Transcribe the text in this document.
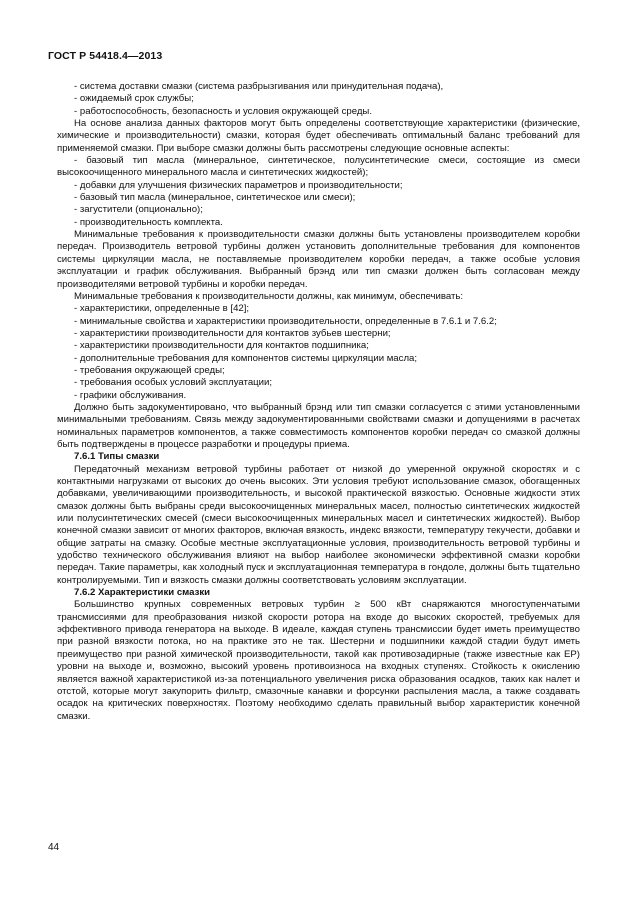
ГОСТ Р 54418.4—2013

- система доставки смазки (система разбрызгивания или принудительная подача),

- ожидаемый срок службы;

- работоспособность, безопасность и условия окружающей среды.

На основе анализа данных факторов могут быть определены соответствующие характеристики (физические, химические и производительности) смазки, которая будет обеспечивать оптимальный баланс требований для применяемой смазки. При выборе смазки должны быть рассмотрены следующие основные аспекты:

- базовый тип масла (минеральное, синтетическое, полусинтетические смеси, состоящие из смеси высокоочищенного минерального масла и синтетических жидкостей);

- добавки для улучшения физических параметров и производительности;

- базовый тип масла (минеральное, синтетическое или смеси);

- загустители (опционально);

- производительность комплекта.

Минимальные требования к производительности смазки должны быть установлены производителем коробки передач. Производитель ветровой турбины должен установить дополнительные требования для компонентов системы циркуляции масла, не поставляемые производителем коробки передач, а также особые условия эксплуатации и график обслуживания. Выбранный брэнд или тип смазки должен быть согласован между производителями ветровой турбины и коробки передач.

Минимальные требования к производительности должны, как минимум, обеспечивать:

- характеристики, определенные в [42];

- минимальные свойства и характеристики производительности, определенные в 7.6.1 и 7.6.2;

- характеристики производительности для контактов зубьев шестерни;

- характеристики производительности для контактов подшипника;

- дополнительные требования для компонентов системы циркуляции масла;

- требования окружающей среды;

- требования особых условий эксплуатации;

- графики обслуживания.

Должно быть задокументировано, что выбранный брэнд или тип смазки согласуется с этими установленными минимальными требованиям. Связь между задокументированными свойствами смазки и допущениями в расчетах номинальных параметров компонентов, а также совместимость компонентов коробки передач со смазкой должны быть подтверждены в процессе разработки и процедуры приема.

7.6.1 Типы смазки

Передаточный механизм ветровой турбины работает от низкой до умеренной окружной скоростях и с контактными нагрузками от высоких до очень высоких. Эти условия требуют использование смазок, обогащенных добавками, увеличивающими производительность, и высокой практической вязкостью. Основные жидкости этих смазок должны быть выбраны среди высокоочищенных минеральных масел, полностью синтетических жидкостей или полусинтетических смесей (смеси высокоочищенных минеральных масел и синтетических жидкостей). Выбор конечной смазки зависит от многих факторов, включая вязкость, индекс вязкости, температуру текучести, добавки и общие затраты на смазку. Особые местные эксплуатационные условия, производительность ветровой турбины и удобство технического обслуживания влияют на выбор наиболее экономически эффективной смазки коробки передач. Такие параметры, как холодный пуск и эксплуатационная температура в гондоле, должны быть тщательно контролируемыми. Тип и вязкость смазки должны соответствовать условиям эксплуатации.

7.6.2 Характеристики смазки

Большинство крупных современных ветровых турбин ≥ 500 кВт снаряжаются многоступенчатыми трансмиссиями для преобразования низкой скорости ротора на входе до высоких скоростей, требуемых для эффективного привода генератора на выходе. В идеале, каждая ступень трансмиссии будет иметь преимущество при разной вязкости потока, но на практике это не так. Шестерни и подшипники каждой стадии будут иметь преимущество при разной химической производительности, такой как противозадирные (также известные как EP) уровни на выходе и, возможно, высокий уровень противоизноса на входных ступенях. Стойкость к окислению является важной характеристикой из-за потенциального увеличения риска образования осадков, таких как налет и отстой, которые могут закупорить фильтр, смазочные канавки и форсунки распыления масла, а также создавать осадок на критических поверхностях. Поэтому необходимо сделать правильный выбор характеристик конечной смазки.

44
